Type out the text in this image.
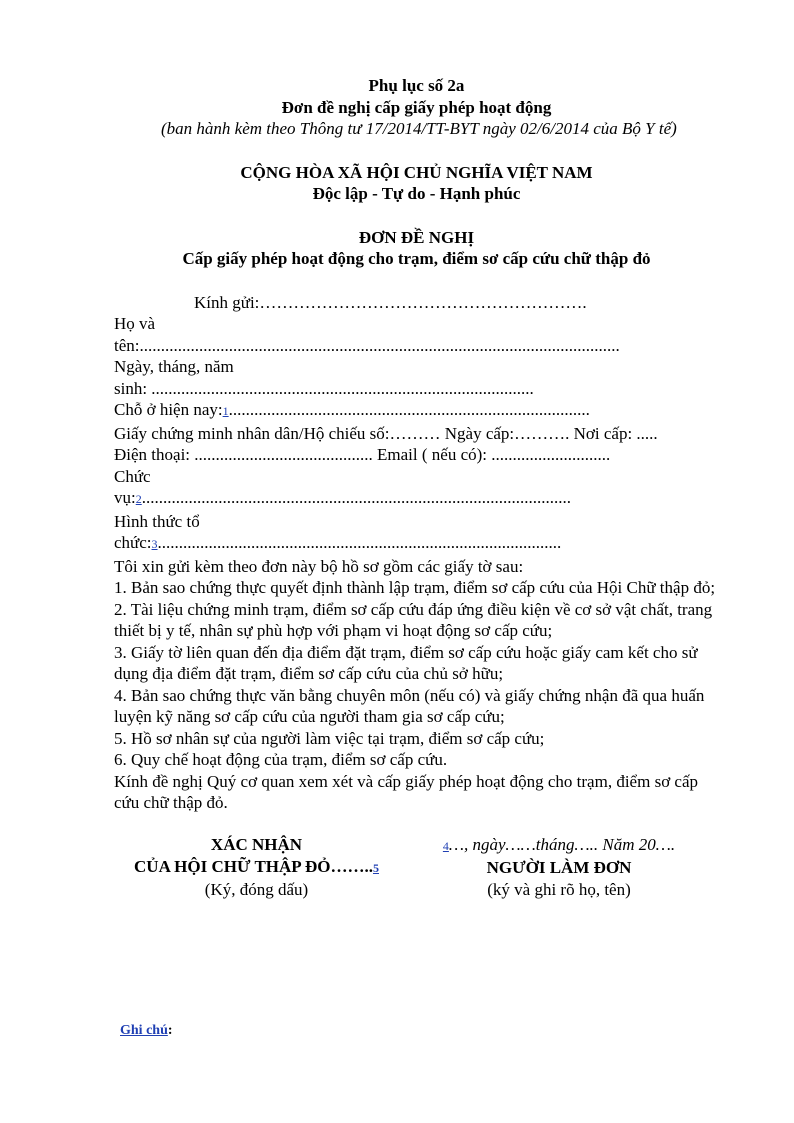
Phụ lục số 2a

Đơn đề nghị cấp giấy phép hoạt động

(ban hành kèm theo Thông tư 17/2014/TT-BYT ngày 02/6/2014 của Bộ Y tế)

CỘNG HÒA XÃ HỘI CHỦ NGHĨA VIỆT NAM

Độc lập - Tự do - Hạnh phúc

ĐƠN ĐỀ NGHỊ

Cấp giấy phép hoạt động cho trạm, điểm sơ cấp cứu chữ thập đỏ

Kính gửi:………………………………………………….

Họ và

tên:.................................................................................................................

Ngày, tháng, năm

sinh: ..........................................................................................

Chỗ ở hiện nay:1.....................................................................................

Giấy chứng minh nhân dân/Hộ chiếu số:……… Ngày cấp:………. Nơi cấp: .....

Điện thoại: .......................................... Email ( nếu có): ............................

Chức

vụ:2.....................................................................................................

Hình thức tổ

chức:3...............................................................................................

Tôi xin gửi kèm theo đơn này bộ hồ sơ gồm các giấy tờ sau:

1. Bản sao chứng thực quyết định thành lập trạm, điểm sơ cấp cứu của Hội Chữ thập đỏ;

2. Tài liệu chứng minh trạm, điểm sơ cấp cứu đáp ứng điều kiện về cơ sở vật chất, trang thiết bị y tế, nhân sự phù hợp với phạm vi hoạt động sơ cấp cứu;

3. Giấy tờ liên quan đến địa điểm đặt trạm, điểm sơ cấp cứu hoặc giấy cam kết cho sử dụng địa điểm đặt trạm, điểm sơ cấp cứu của chủ sở hữu;

4. Bản sao chứng thực văn bằng chuyên môn (nếu có) và giấy chứng nhận đã qua huấn luyện kỹ năng sơ cấp cứu của người tham gia sơ cấp cứu;

5. Hồ sơ nhân sự của người làm việc tại trạm, điểm sơ cấp cứu;

6. Quy chế hoạt động của trạm, điểm sơ cấp cứu.

Kính đề nghị Quý cơ quan xem xét và cấp giấy phép hoạt động cho trạm, điểm sơ cấp cứu chữ thập đỏ.

XÁC NHẬN
CỦA HỘI CHỮ THẬP ĐỎ……..5
(Ký, đóng dấu)
4…, ngày……tháng….. Năm 20….
NGƯỜI LÀM ĐƠN
(ký và ghi rõ họ, tên)
Ghi chú:
